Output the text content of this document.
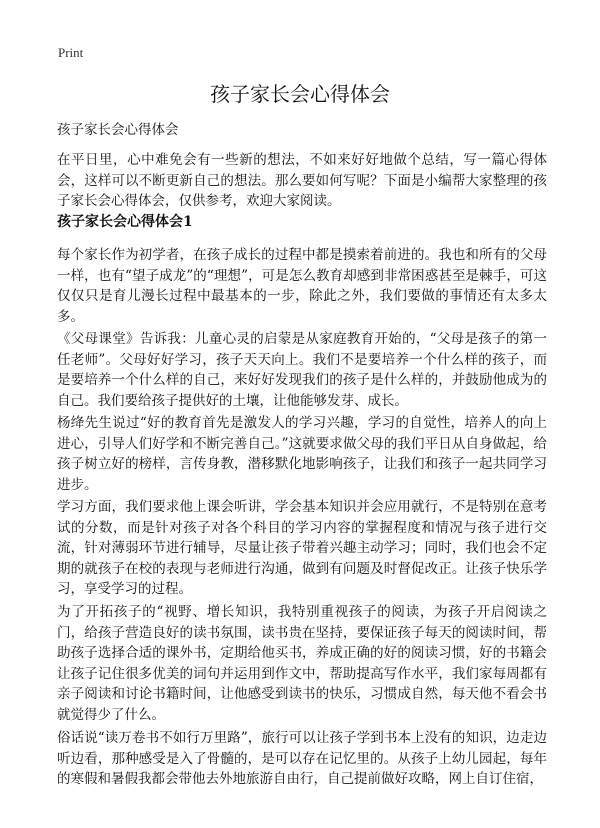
Print
孩子家长会心得体会

孩子家长会心得体会

在平日里，心中难免会有一些新的想法，不如来好好地做个总结，写一篇心得体会，这样可以不断更新自己的想法。那么要如何写呢？下面是小编帮大家整理的孩子家长会心得体会，仅供参考，欢迎大家阅读。

孩子家长会心得体会1

每个家长作为初学者，在孩子成长的过程中都是摸索着前进的。我也和所有的父母一样，也有“望子成龙”的“理想”，可是怎么教育却感到非常困惑甚至是棘手，可这仅仅只是育儿漫长过程中最基本的一步，除此之外，我们要做的事情还有太多太多。

《父母课堂》告诉我：儿童心灵的启蒙是从家庭教育开始的，“父母是孩子的第一任老师”。父母好好学习，孩子天天向上。我们不是要培养一个什么样的孩子，而是要培养一个什么样的自己，来好好发现我们的孩子是什么样的，并鼓励他成为的自己。我们要给孩子提供好的土壤，让他能够发芽、成长。

杨绛先生说过“好的教育首先是激发人的学习兴趣，学习的自觉性，培养人的向上进心，引导人们好学和不断完善自己。”这就要求做父母的我们平日从自身做起，给孩子树立好的榜样，言传身教，潜移默化地影响孩子，让我们和孩子一起共同学习进步。

学习方面，我们要求他上课会听讲，学会基本知识并会应用就行，不是特别在意考试的分数，而是针对孩子对各个科目的学习内容的掌握程度和情况与孩子进行交流，针对薄弱环节进行辅导，尽量让孩子带着兴趣主动学习；同时，我们也会不定期的就孩子在校的表现与老师进行沟通，做到有问题及时督促改正。让孩子快乐学习，享受学习的过程。

为了开拓孩子的“视野、增长知识，我特别重视孩子的阅读，为孩子开启阅读之门，给孩子营造良好的读书氛围，读书贵在坚持，要保证孩子每天的阅读时间，帮助孩子选择合适的课外书，定期给他买书，养成正确的好的阅读习惯，好的书籍会让孩子记住很多优美的词句并运用到作文中，帮助提高写作水平，我们家每周都有亲子阅读和讨论书籍时间，让他感受到读书的快乐，习惯成自然，每天他不看会书就觉得少了什么。

俗话说“读万卷书不如行万里路”，旅行可以让孩子学到书本上没有的知识，边走边听边看，那种感受是入了骨髓的，是可以存在记忆里的。从孩子上幼儿园起，每年的寒假和暑假我都会带他去外地旅游自由行，自己提前做好攻略，网上自订住宿，
